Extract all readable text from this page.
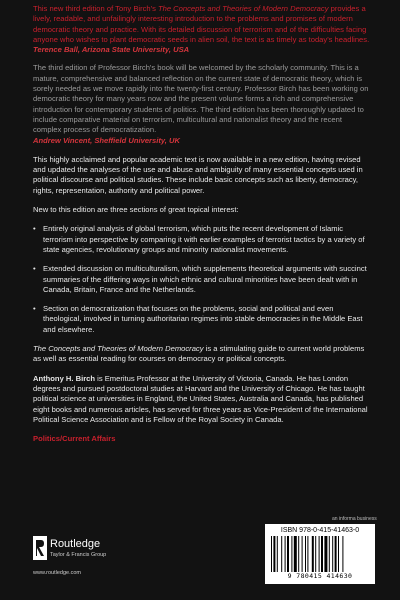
This new third edition of Tony Birch's The Concepts and Theories of Modern Democracy provides a lively, readable, and unfailingly interesting introduction to the problems and promises of modern democratic theory and practice. With its detailed discussion of terrorism and of the difficulties facing anyone who wishes to plant democratic seeds in alien soil, the text is as timely as today's headlines.

Terence Ball, Arizona State University, USA

The third edition of Professor Birch's book will be welcomed by the scholarly community. This is a mature, comprehensive and balanced reflection on the current state of democratic theory, which is sorely needed as we move rapidly into the twenty-first century. Professor Birch has been working on democratic theory for many years now and the present volume forms a rich and comprehensive introduction for contemporary students of politics. The third edition has been thoroughly updated to include comparative material on terrorism, multicultural and nationalist theory and the recent complex process of democratization.

Andrew Vincent, Sheffield University, UK

This highly acclaimed and popular academic text is now available in a new edition, having revised and updated the analyses of the use and abuse and ambiguity of many essential concepts used in political discourse and political studies. These include basic concepts such as liberty, democracy, rights, representation, authority and political power.

New to this edition are three sections of great topical interest:

• Entirely original analysis of global terrorism, which puts the recent development of Islamic terrorism into perspective by comparing it with earlier examples of terrorist tactics by a variety of state agencies, revolutionary groups and minority nationalist movements.

• Extended discussion on multiculturalism, which supplements theoretical arguments with succinct summaries of the differing ways in which ethnic and cultural minorities have been dealt with in Canada, Britain, France and the Netherlands.

• Section on democratization that focuses on the problems, social and political and even theological, involved in turning authoritarian regimes into stable democracies in the Middle East and elsewhere.

The Concepts and Theories of Modern Democracy is a stimulating guide to current world problems as well as essential reading for courses on democracy or political concepts.

Anthony H. Birch is Emeritus Professor at the University of Victoria, Canada. He has London degrees and pursued postdoctoral studies at Harvard and the University of Chicago. He has taught political science at universities in England, the United States, Australia and Canada, has published eight books and numerous articles, has served for three years as Vice-President of the International Political Science Association and is Fellow of the Royal Society in Canada.

Politics/Current Affairs

an informa business
Routledge
Taylor & Francis Group
www.routledge.com
ISBN 978-0-415-41463-0
9 780415 414630
